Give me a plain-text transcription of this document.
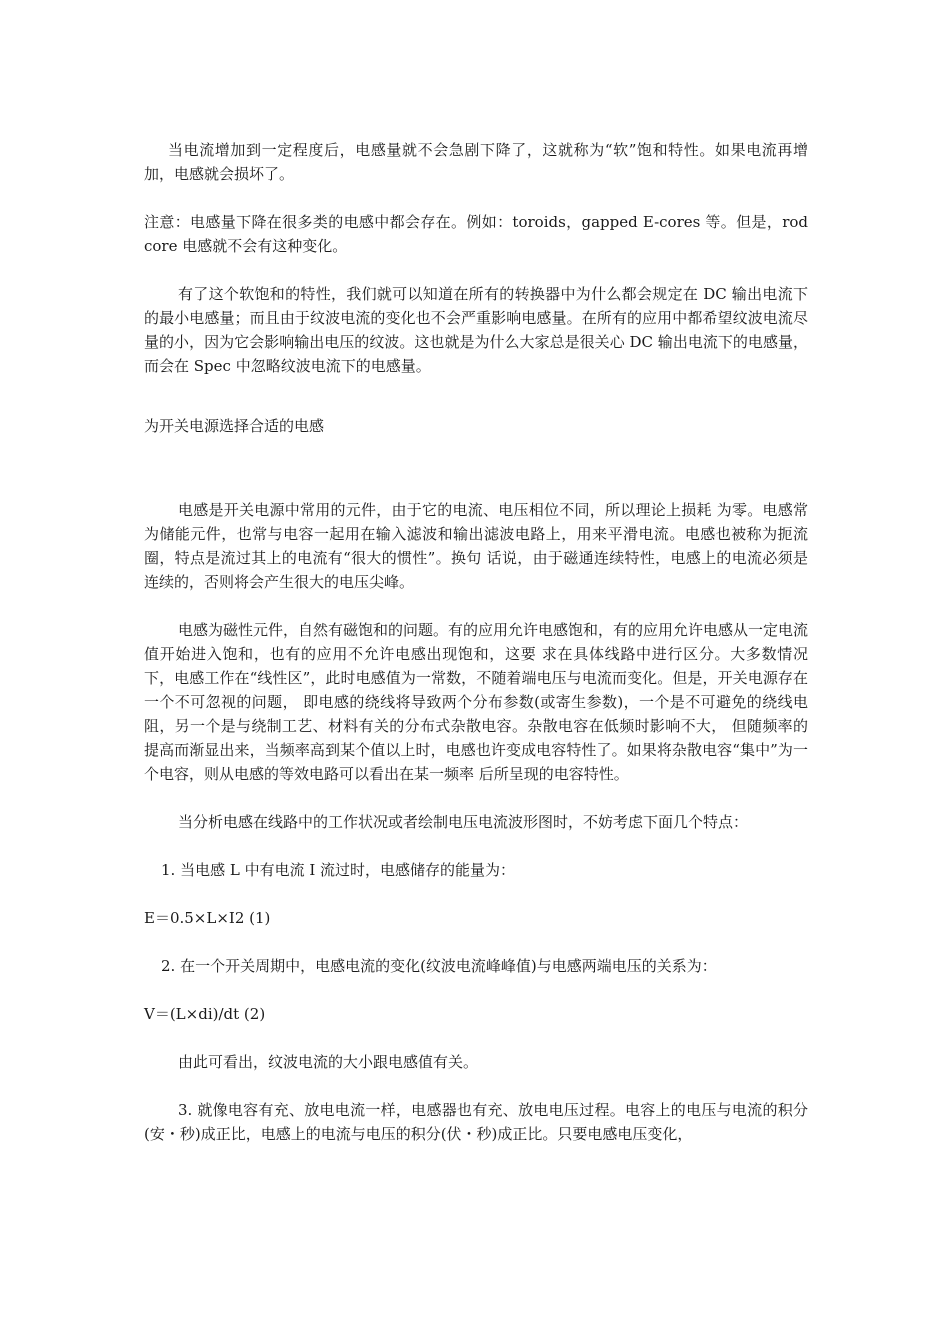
当电流增加到一定程度后，电感量就不会急剧下降了，这就称为“软”饱和特性。如果电流再增加，电感就会损坏了。

注意：电感量下降在很多类的电感中都会存在。例如：toroids，gapped E-cores 等。但是，rod core 电感就不会有这种变化。

有了这个软饱和的特性，我们就可以知道在所有的转换器中为什么都会规定在 DC 输出电流下的最小电感量；而且由于纹波电流的变化也不会严重影响电感量。在所有的应用中都希望纹波电流尽量的小，因为它会影响输出电压的纹波。这也就是为什么大家总是很关心 DC 输出电流下的电感量，而会在 Spec 中忽略纹波电流下的电感量。

为开关电源选择合适的电感

电感是开关电源中常用的元件，由于它的电流、电压相位不同，所以理论上损耗 为零。电感常为储能元件，也常与电容一起用在输入滤波和输出滤波电路上，用来平滑电流。电感也被称为扼流圈，特点是流过其上的电流有“很大的惯性”。换句 话说，由于磁通连续特性，电感上的电流必须是连续的，否则将会产生很大的电压尖峰。

电感为磁性元件，自然有磁饱和的问题。有的应用允许电感饱和，有的应用允许电感从一定电流值开始进入饱和，也有的应用不允许电感出现饱和，这要 求在具体线路中进行区分。大多数情况下，电感工作在“线性区”，此时电感值为一常数，不随着端电压与电流而变化。但是，开关电源存在一个不可忽视的问题， 即电感的绕线将导致两个分布参数(或寄生参数)，一个是不可避免的绕线电阻，另一个是与绕制工艺、材料有关的分布式杂散电容。杂散电容在低频时影响不大， 但随频率的提高而渐显出来，当频率高到某个值以上时，电感也许变成电容特性了。如果将杂散电容“集中”为一个电容，则从电感的等效电路可以看出在某一频率 后所呈现的电容特性。

当分析电感在线路中的工作状况或者绘制电压电流波形图时，不妨考虑下面几个特点：

1. 当电感 L 中有电流 I 流过时，电感储存的能量为：

E＝0.5×L×I2 (1)

2. 在一个开关周期中，电感电流的变化(纹波电流峰峰值)与电感两端电压的关系为：

V＝(L×di)/dt (2)

由此可看出，纹波电流的大小跟电感值有关。

3. 就像电容有充、放电电流一样，电感器也有充、放电电压过程。电容上的电压与电流的积分(安・秒)成正比，电感上的电流与电压的积分(伏・秒)成正比。只要电感电压变化，
